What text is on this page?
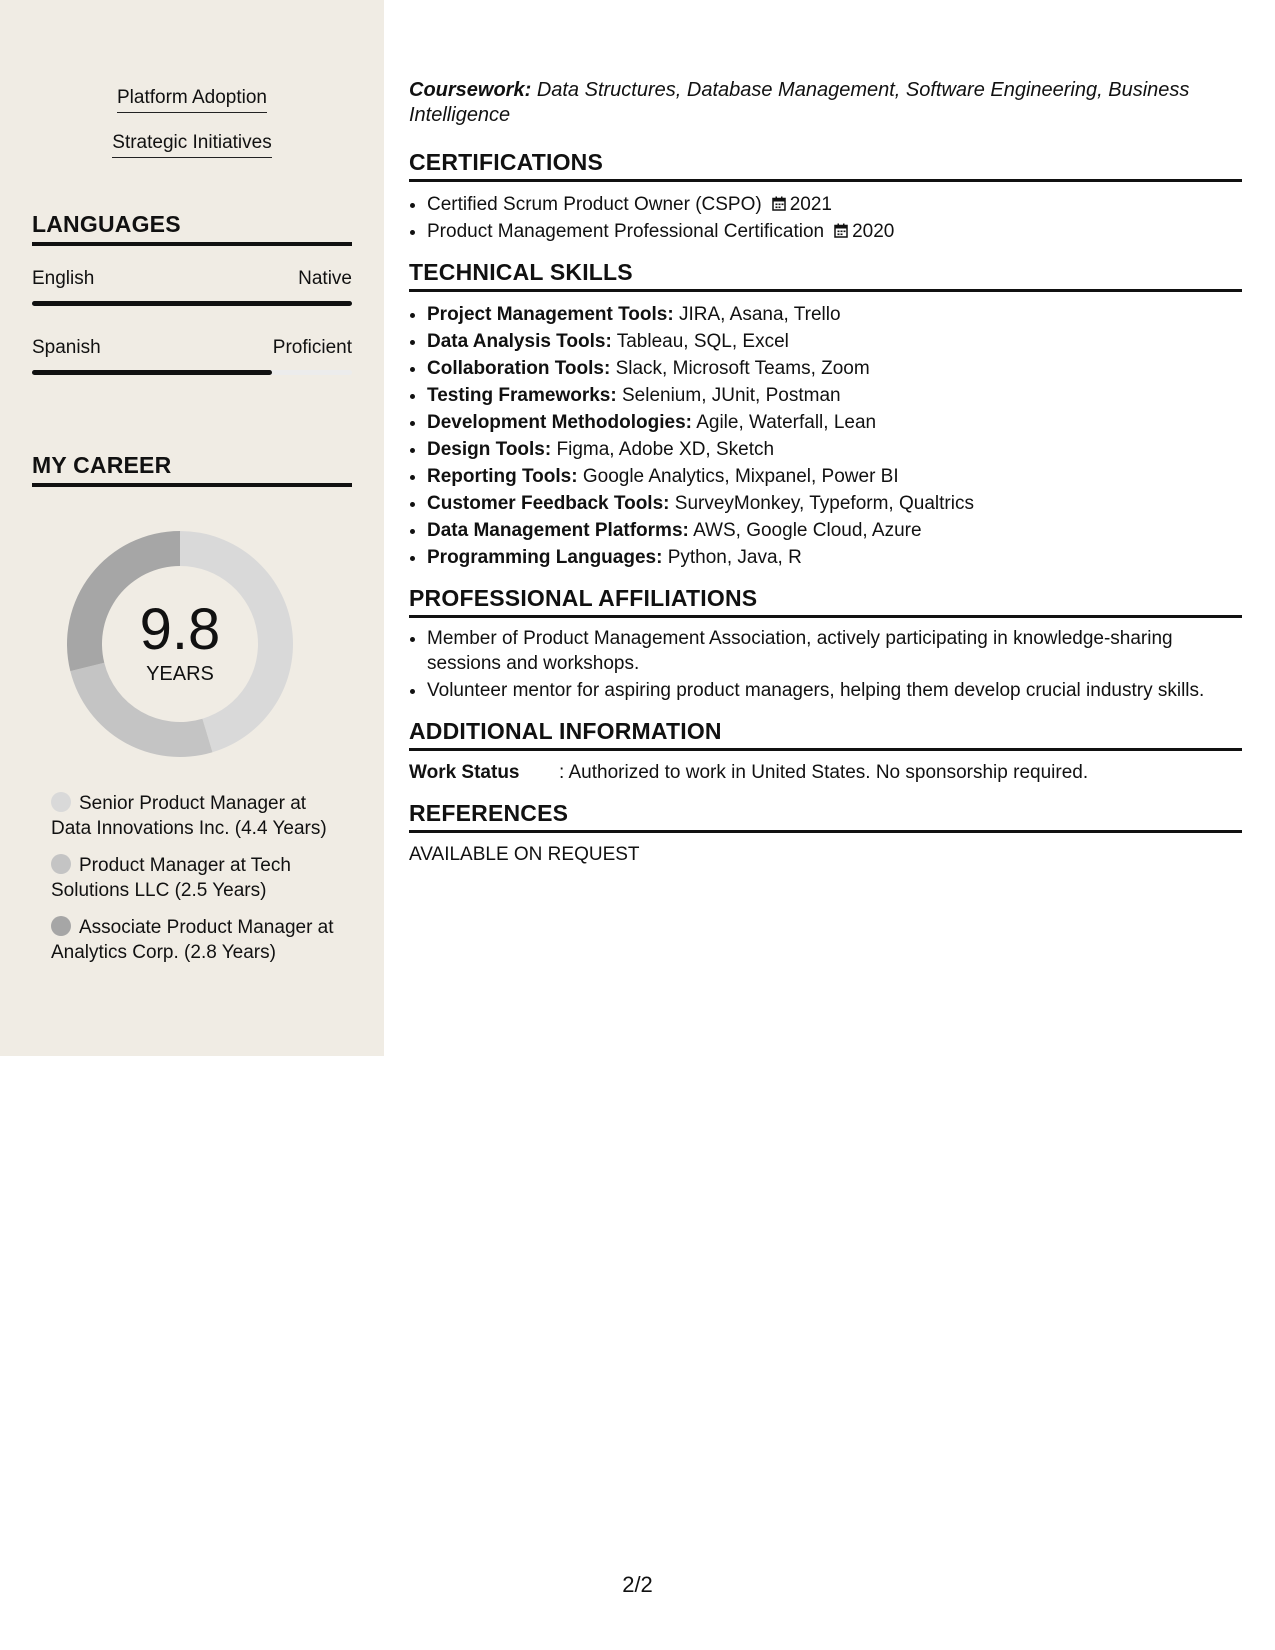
Platform Adoption
Strategic Initiatives
LANGUAGES
English	Native
Spanish	Proficient
MY CAREER
9.8
YEARS
Senior Product Manager at Data Innovations Inc. (4.4 Years)
Product Manager at Tech Solutions LLC (2.5 Years)
Associate Product Manager at Analytics Corp. (2.8 Years)
Coursework: Data Structures, Database Management, Software Engineering, Business Intelligence
CERTIFICATIONS
• Certified Scrum Product Owner (CSPO) 2021
• Product Management Professional Certification 2020
TECHNICAL SKILLS
• Project Management Tools: JIRA, Asana, Trello
• Data Analysis Tools: Tableau, SQL, Excel
• Collaboration Tools: Slack, Microsoft Teams, Zoom
• Testing Frameworks: Selenium, JUnit, Postman
• Development Methodologies: Agile, Waterfall, Lean
• Design Tools: Figma, Adobe XD, Sketch
• Reporting Tools: Google Analytics, Mixpanel, Power BI
• Customer Feedback Tools: SurveyMonkey, Typeform, Qualtrics
• Data Management Platforms: AWS, Google Cloud, Azure
• Programming Languages: Python, Java, R
PROFESSIONAL AFFILIATIONS
• Member of Product Management Association, actively participating in knowledge-sharing sessions and workshops.
• Volunteer mentor for aspiring product managers, helping them develop crucial industry skills.
ADDITIONAL INFORMATION
Work Status : Authorized to work in United States. No sponsorship required.
REFERENCES
AVAILABLE ON REQUEST
2/2
